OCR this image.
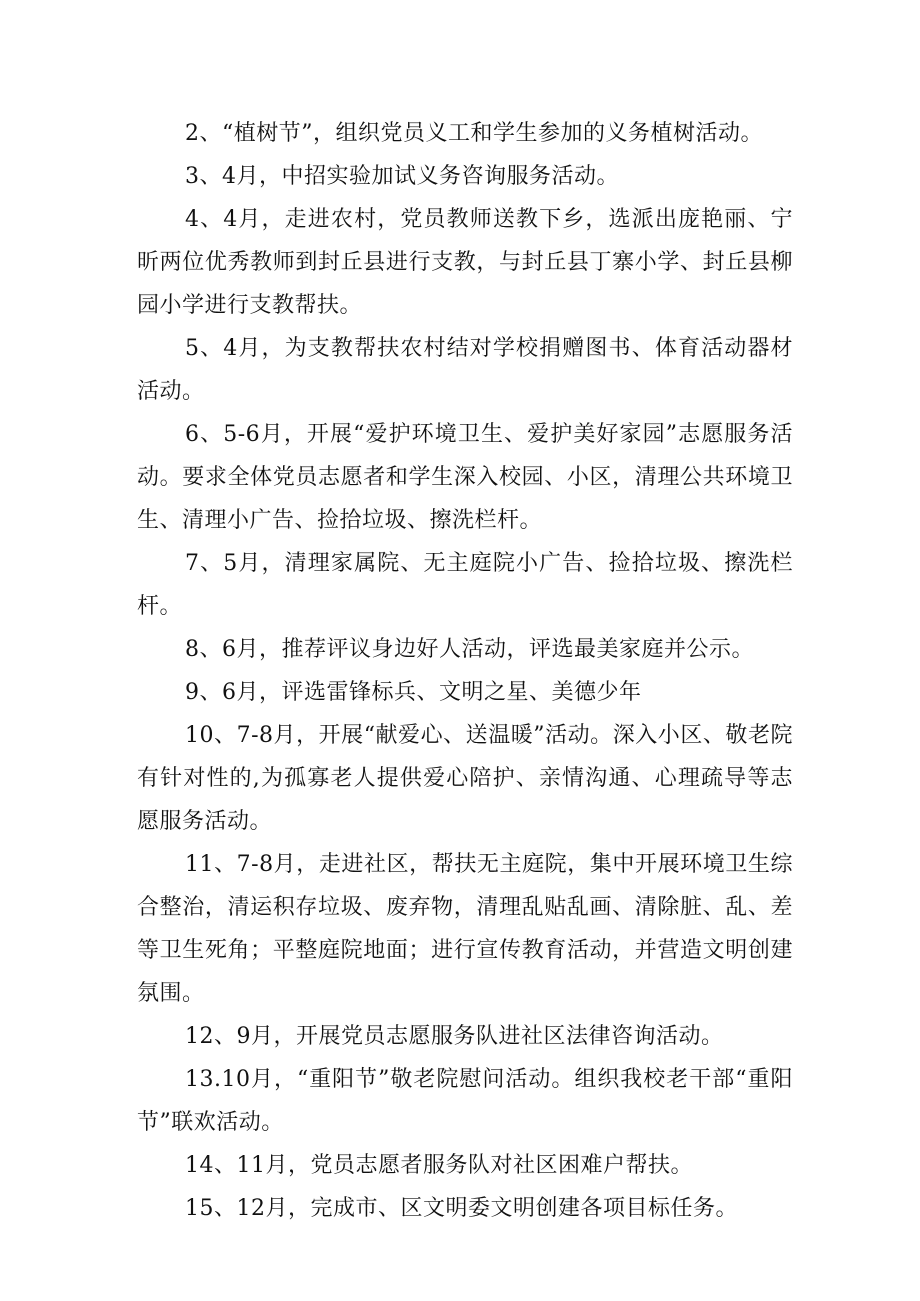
2、“植树节”，组织党员义工和学生参加的义务植树活动。

3、4月，中招实验加试义务咨询服务活动。

4、4月，走进农村，党员教师送教下乡，选派出庞艳丽、宁昕两位优秀教师到封丘县进行支教，与封丘县丁寨小学、封丘县柳园小学进行支教帮扶。

5、4月，为支教帮扶农村结对学校捐赠图书、体育活动器材活动。

6、5-6月，开展“爱护环境卫生、爱护美好家园”志愿服务活动。要求全体党员志愿者和学生深入校园、小区，清理公共环境卫生、清理小广告、捡拾垃圾、擦洗栏杆。

7、5月，清理家属院、无主庭院小广告、捡拾垃圾、擦洗栏杆。

8、6月，推荐评议身边好人活动，评选最美家庭并公示。

9、6月，评选雷锋标兵、文明之星、美德少年

10、7-8月，开展“献爱心、送温暖”活动。深入小区、敬老院有针对性的,为孤寡老人提供爱心陪护、亲情沟通、心理疏导等志愿服务活动。

11、7-8月，走进社区，帮扶无主庭院，集中开展环境卫生综合整治，清运积存垃圾、废弃物，清理乱贴乱画、清除脏、乱、差等卫生死角；平整庭院地面；进行宣传教育活动，并营造文明创建氛围。

12、9月，开展党员志愿服务队进社区法律咨询活动。

13.10月，“重阳节”敬老院慰问活动。组织我校老干部“重阳节”联欢活动。

14、11月，党员志愿者服务队对社区困难户帮扶。

15、12月，完成市、区文明委文明创建各项目标任务。
